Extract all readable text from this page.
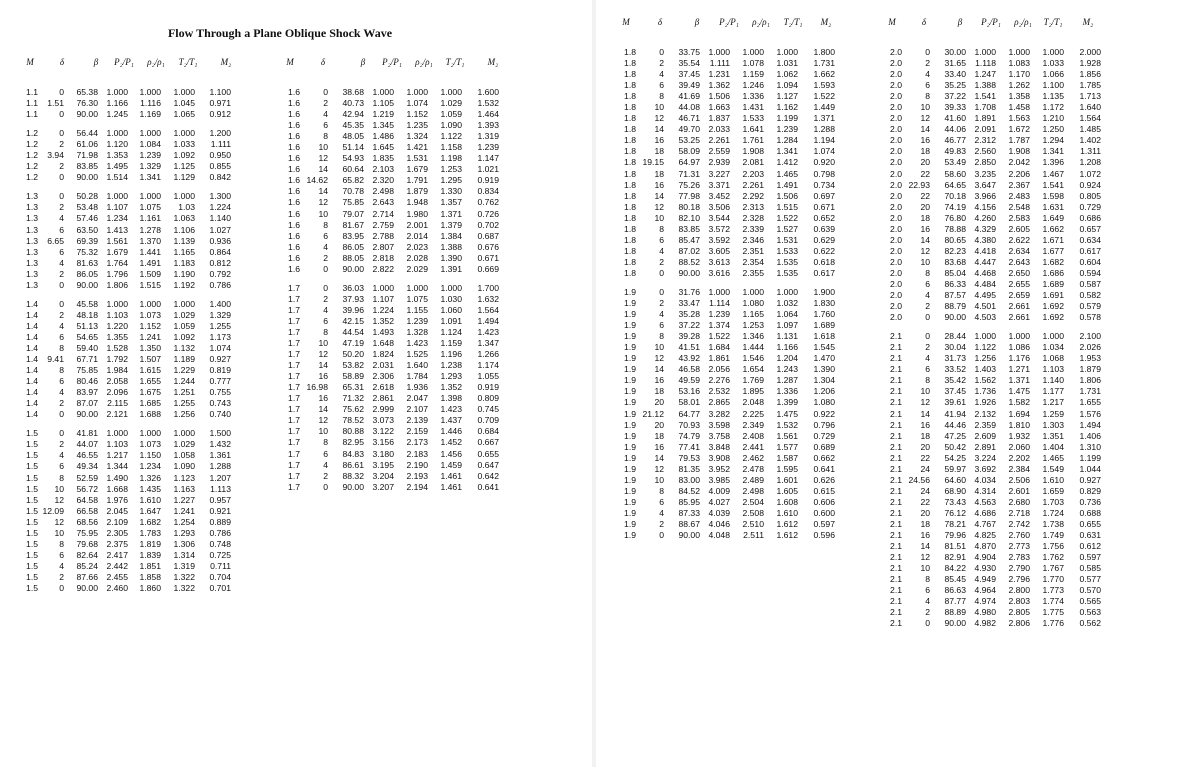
Flow Through a Plane Oblique Shock Wave
M	δ	β P₂/P₁ ρ₂/ρ₁ T₂/T₁	M₂
1.1	0	65.38 1.000	1.000	1.000	1.100
1.1	1.51	76.30 1.166	1.116	1.045	0.971
1.1	0	90.00 1.245	1.169	1.065	0.912
1.2	0	56.44 1.000	1.000	1.000	1.200
1.2	2	61.06 1.120	1.084	1.033	1.111
1.2	3.94	71.98 1.353	1.239	1.092	0.950
1.2	2	83.85 1.495	1.329	1.125	0.855
1.2	0	90.00 1.514	1.341	1.129	0.842
1.3	0	50.28 1.000	1.000	1.000	1.300
1.3	2	53.48 1.107	1.075	1.03	1.224
1.3	4	57.46 1.234	1.161	1.063	1.140
1.3	6	63.50 1.413	1.278	1.106	1.027
1.3	6.65	69.39 1.561	1.370	1.139	0.936
1.3	6	75.32 1.679	1.441	1.165	0.864
1.3	4	81.63 1.764	1.491	1.183	0.812
1.3	2	86.05 1.796	1.509	1.190	0.792
1.3	0	90.00 1.806	1.515	1.192	0.786
1.4	0	45.58 1.000	1.000	1.000	1.400
1.4	2	48.18 1.103	1.073	1.029	1.329
1.4	4	51.13 1.220	1.152	1.059	1.255
1.4	6	54.65 1.355	1.241	1.092	1.173
1.4	8	59.40 1.528	1.350	1.132	1.074
1.4	9.41	67.71 1.792	1.507	1.189	0.927
1.4	8	75.85 1.984	1.615	1.229	0.819
1.4	6	80.46 2.058	1.655	1.244	0.777
1.4	4	83.97 2.096	1.675	1.251	0.755
1.4	2	87.07	2.115	1.685	1.255	0.743
1.4	0	90.00 2.121	1.688	1.256	0.740
1.5	0	41.81 1.000	1.000	1.000	1.500
1.5	2	44.07 1.103	1.073	1.029	1.432
1.5	4	46.55 1.217	1.150	1.058	1.361
1.5	6	49.34 1.344	1.234	1.090	1.288
1.5	8	52.59 1.490	1.326	1.123	1.207
1.5	10	56.72 1.668	1.435	1.163	1.113
1.5	12	64.58 1.976	1.610	1.227	0.957
1.5 12.09	66.58 2.045	1.647	1.241	0.921
1.5	12	68.56 2.109	1.682	1.254	0.889
1.5	10	75.95 2.305	1.783	1.293	0.786
1.5	8	79.68 2.375	1.819	1.306	0.748
1.5	6	82.64 2.417	1.839	1.314	0.725
1.5	4	85.24 2.442	1.851	1.319	0.711
1.5	2	87.66 2.455	1.858	1.322	0.704
1.5	0	90.00 2.460	1.860	1.322	0.701
M	δ	β P₂/P₁ ρ₂/ρ₁ T₂/T₁	M₂
1.6	0	38.68 1.000	1.000	1.000	1.600
1.6	2	40.73 1.105	1.074	1.029	1.532
1.6	4	42.94 1.219	1.152	1.059	1.464
1.6	6	45.35 1.345	1.235	1.090	1.393
1.6	8	48.05 1.486	1.324	1.122	1.319
1.6	10	51.14 1.645	1.421	1.158	1.239
1.6	12	54.93 1.835	1.531	1.198	1.147
1.6	14	60.64 2.103	1.679	1.253	1.021
1.6 14.62	65.82 2.320	1.791	1.295	0.919
1.6	14	70.78 2.498	1.879	1.330	0.834
1.6	12	75.85 2.643	1.948	1.357	0.762
1.6	10	79.07 2.714	1.980	1.371	0.726
1.6	8	81.67 2.759	2.001	1.379	0.702
1.6	6	83.95 2.788	2.014	1.384	0.687
1.6	4	86.05 2.807	2.023	1.388	0.676
1.6	2	88.05 2.818	2.028	1.390	0.671
1.6	0	90.00 2.822	2.029	1.391	0.669
1.7	0	36.03 1.000	1.000	1.000	1.700
1.7	2	37.93 1.107	1.075	1.030	1.632
1.7	4	39.96 1.224	1.155	1.060	1.564
1.7	6	42.15 1.352	1.239	1.091	1.494
1.7	8	44.54 1.493	1.328	1.124	1.423
1.7	10	47.19 1.648	1.423	1.159	1.347
1.7	12	50.20 1.824	1.525	1.196	1.266
1.7	14	53.82 2.031	1.640	1.238	1.174
1.7	16	58.89 2.306	1.784	1.293	1.055
1.7 16.98	65.31 2.618	1.936	1.352	0.919
1.7	16	71.32 2.861	2.047	1.398	0.809
1.7	14	75.62 2.999	2.107	1.423	0.745
1.7	12	78.52 3.073	2.139	1.437	0.709
1.7	10	80.88 3.122	2.159	1.446	0.684
1.7	8	82.95 3.156	2.173	1.452	0.667
1.7	6	84.83 3.180	2.183	1.456	0.655
1.7	4	86.61 3.195	2.190	1.459	0.647
1.7	2	88.32 3.204	2.193	1.461	0.642
1.7	0	90.00 3.207	2.194	1.461	0.641
M	δ	β P₂/P₁ ρ₂/ρ₁ T₂/T₁ M₂
1.8	0	33.75 1.000	1.000	1.000	1.800
1.8	2	35.54	1.111	1.078	1.031	1.731
1.8	4	37.45 1.231	1.159	1.062	1.662
1.8	6	39.49 1.362	1.246	1.094	1.593
1.8	8	41.69 1.506	1.336	1.127	1.522
1.8	10	44.08 1.663	1.431	1.162	1.449
1.8	12	46.71 1.837	1.533	1.199	1.371
1.8	14	49.70 2.033	1.641	1.239	1.288
1.8	16	53.25 2.261	1.761	1.284	1.194
1.8	18	58.09 2.559	1.908	1.341	1.074
1.8 19.15	64.97 2.939	2.081	1.412	0.920
1.8	18	71.31 3.227	2.203	1.465	0.798
1.8	16	75.26 3.371	2.261	1.491	0.734
1.8	14	77.98 3.452	2.292	1.506	0.697
1.8	12	80.18 3.506	2.313	1.515	0.671
1.8	10	82.10 3.544	2.328	1.522	0.652
1.8	8	83.85 3.572	2.339	1.527	0.639
1.8	6	85.47 3.592	2.346	1.531	0.629
1.8	4	87.02 3.605	2.351	1.533	0.622
1.8	2	88.52 3.613	2.354	1.535	0.618
1.8	0	90.00 3.616	2.355	1.535	0.617
1.9	0	31.76 1.000	1.000	1.000	1.900
1.9	2	33.47	1.114	1.080	1.032	1.830
1.9	4	35.28 1.239	1.165	1.064	1.760
1.9	6	37.22 1.374	1.253	1.097	1.689
1.9	8	39.28 1.522	1.346	1.131	1.618
1.9	10	41.51 1.684	1.444	1.166	1.545
1.9	12	43.92 1.861	1.546	1.204	1.470
1.9	14	46.58 2.056	1.654	1.243	1.390
1.9	16	49.59 2.276	1.769	1.287	1.304
1.9	18	53.16 2.532	1.895	1.336	1.206
1.9	20	58.01 2.865	2.048	1.399	1.080
1.9 21.12	64.77 3.282	2.225	1.475	0.922
1.9	20	70.93 3.598	2.349	1.532	0.796
1.9	18	74.79 3.758	2.408	1.561	0.729
1.9	16	77.41 3.848	2.441	1.577	0.689
1.9	14	79.53 3.908	2.462	1.587	0.662
1.9	12	81.35 3.952	2.478	1.595	0.641
1.9	10	83.00 3.985	2.489	1.601	0.626
1.9	8	84.52 4.009	2.498	1.605	0.615
1.9	6	85.95 4.027	2.504	1.608	0.606
1.9	4	87.33 4.039	2.508	1.610	0.600
1.9	2	88.67 4.046	2.510	1.612	0.597
1.9	0	90.00 4.048	2.511	1.612	0.596
M	δ	β P₂/P₁ ρ₂/ρ₁ T₂/T₁ M₂
2.0	0	30.00 1.000	1.000	1.000	2.000
2.0	2	31.65	1.118	1.083	1.033	1.928
2.0	4	33.40 1.247	1.170	1.066	1.856
2.0	6	35.25 1.388	1.262	1.100	1.785
2.0	8	37.22 1.541	1.358	1.135	1.713
2.0	10	39.33 1.708	1.458	1.172	1.640
2.0	12	41.60 1.891	1.563	1.210	1.564
2.0	14	44.06 2.091	1.672	1.250	1.485
2.0	16	46.77 2.312	1.787	1.294	1.402
2.0	18	49.83 2.560	1.908	1.341	1.311
2.0	20	53.49 2.850	2.042	1.396	1.208
2.0	22	58.60 3.235	2.206	1.467	1.072
2.0 22.93	64.65 3.647	2.367	1.541	0.924
2.0	22	70.18 3.966	2.483	1.598	0.805
2.0	20	74.19 4.156	2.548	1.631	0.729
2.0	18	76.80 4.260	2.583	1.649	0.686
2.0	16	78.88 4.329	2.605	1.662	0.657
2.0	14	80.65 4.380	2.622	1.671	0.634
2.0	12	82.23 4.418	2.634	1.677	0.617
2.0	10	83.68 4.447	2.643	1.682	0.604
2.0	8	85.04 4.468	2.650	1.686	0.594
2.0	6	86.33 4.484	2.655	1.689	0.587
2.0	4	87.57 4.495	2.659	1.691	0.582
2.0	2	88.79 4.501	2.661	1.692	0.579
2.0	0	90.00 4.503	2.661	1.692	0.578
2.1	0	28.44 1.000	1.000	1.000	2.100
2.1	2	30.04 1.122	1.086	1.034	2.026
2.1	4	31.73 1.256	1.176	1.068	1.953
2.1	6	33.52 1.403	1.271	1.103	1.879
2.1	8	35.42 1.562	1.371	1.140	1.806
2.1	10	37.45 1.736	1.475	1.177	1.731
2.1	12	39.61 1.926	1.582	1.217	1.655
2.1	14	41.94 2.132	1.694	1.259	1.576
2.1	16	44.46 2.359	1.810	1.303	1.494
2.1	18	47.25 2.609	1.932	1.351	1.406
2.1	20	50.42 2.891	2.060	1.404	1.310
2.1	22	54.25 3.224	2.202	1.465	1.199
2.1	24	59.97 3.692	2.384	1.549	1.044
2.1 24.56	64.60 4.034	2.506	1.610	0.927
2.1	24	68.90 4.314	2.601	1.659	0.829
2.1	22	73.43 4.563	2.680	1.703	0.736
2.1	20	76.12 4.686	2.718	1.724	0.688
2.1	18	78.21 4.767	2.742	1.738	0.655
2.1	16	79.96 4.825	2.760	1.749	0.631
2.1	14	81.51 4.870	2.773	1.756	0.612
2.1	12	82.91 4.904	2.783	1.762	0.597
2.1	10	84.22 4.930	2.790	1.767	0.585
2.1	8	85.45 4.949	2.796	1.770	0.577
2.1	6	86.63 4.964	2.800	1.773	0.570
2.1	4	87.77 4.974	2.803	1.774	0.565
2.1	2	88.89 4.980	2.805	1.775	0.563
2.1	0	90.00 4.982	2.806	1.776	0.562
